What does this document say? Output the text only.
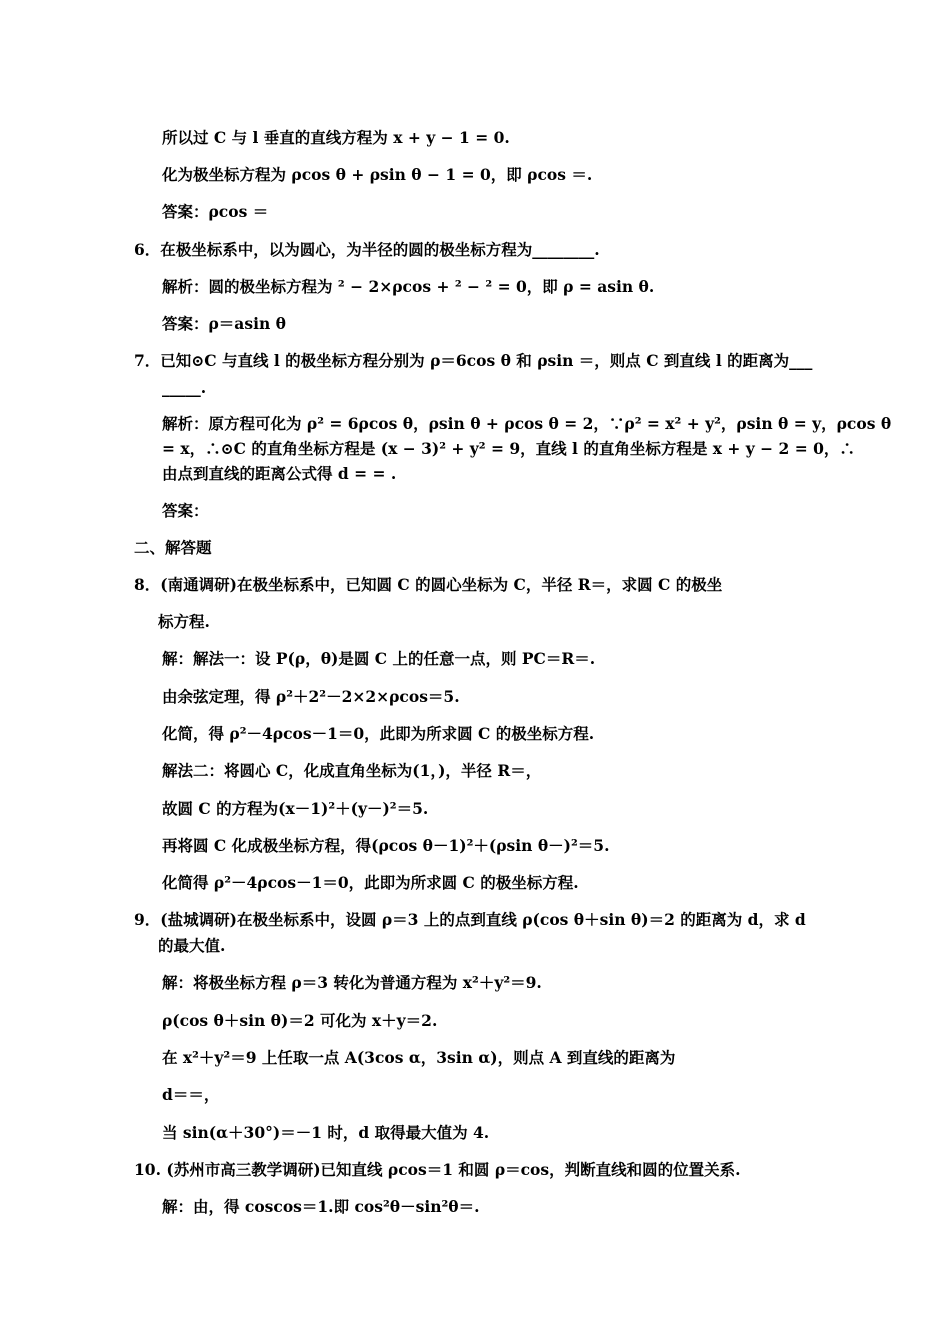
所以过 C 与 l 垂直的直线方程为 x + y − 1 = 0.
化为极坐标方程为 ρcos θ + ρsin θ − 1 = 0，即 ρcos ＝.
答案：ρcos ＝
6．在极坐标系中，以为圆心，为半径的圆的极坐标方程为________.
解析：圆的极坐标方程为 ² − 2×ρcos + ² − ² = 0，即 ρ = asin θ.
答案：ρ＝asin θ
7．已知⊙C 与直线 l 的极坐标方程分别为 ρ＝6cos θ 和 ρsin ＝，则点 C 到直线 l 的距离为___
_____.
解析：原方程可化为 ρ² = 6ρcos θ，ρsin θ + ρcos θ = 2，∵ρ² = x² + y²，ρsin θ = y，ρcos θ
= x，∴⊙C 的直角坐标方程是 (x − 3)² + y² = 9，直线 l 的直角坐标方程是 x + y − 2 = 0，∴
由点到直线的距离公式得 d = = .
答案：
二、解答题
8．(南通调研)在极坐标系中，已知圆 C 的圆心坐标为 C，半径 R＝，求圆 C 的极坐
标方程.
解：解法一：设 P(ρ，θ)是圆 C 上的任意一点，则 PC＝R＝.
由余弦定理，得 ρ²＋2²－2×2×ρcos＝5.
化简，得 ρ²－4ρcos－1＝0，此即为所求圆 C 的极坐标方程.
解法二：将圆心 C，化成直角坐标为(1，)，半径 R＝，
故圆 C 的方程为(x－1)²＋(y－)²＝5.
再将圆 C 化成极坐标方程，得(ρcos θ－1)²＋(ρsin θ－)²＝5.
化简得 ρ²－4ρcos－1＝0，此即为所求圆 C 的极坐标方程.
9．(盐城调研)在极坐标系中，设圆 ρ＝3 上的点到直线 ρ(cos θ＋sin θ)＝2 的距离为 d，求 d
的最大值.
解：将极坐标方程 ρ＝3 转化为普通方程为 x²＋y²＝9.
ρ(cos θ＋sin θ)＝2 可化为 x＋y＝2.
在 x²＋y²＝9 上任取一点 A(3cos α，3sin α)，则点 A 到直线的距离为
d＝＝，
当 sin(α＋30°)＝－1 时，d 取得最大值为 4.
10. (苏州市高三教学调研)已知直线 ρcos＝1 和圆 ρ＝cos，判断直线和圆的位置关系.
解：由，得 coscos＝1.即 cos²θ－sin²θ＝.
